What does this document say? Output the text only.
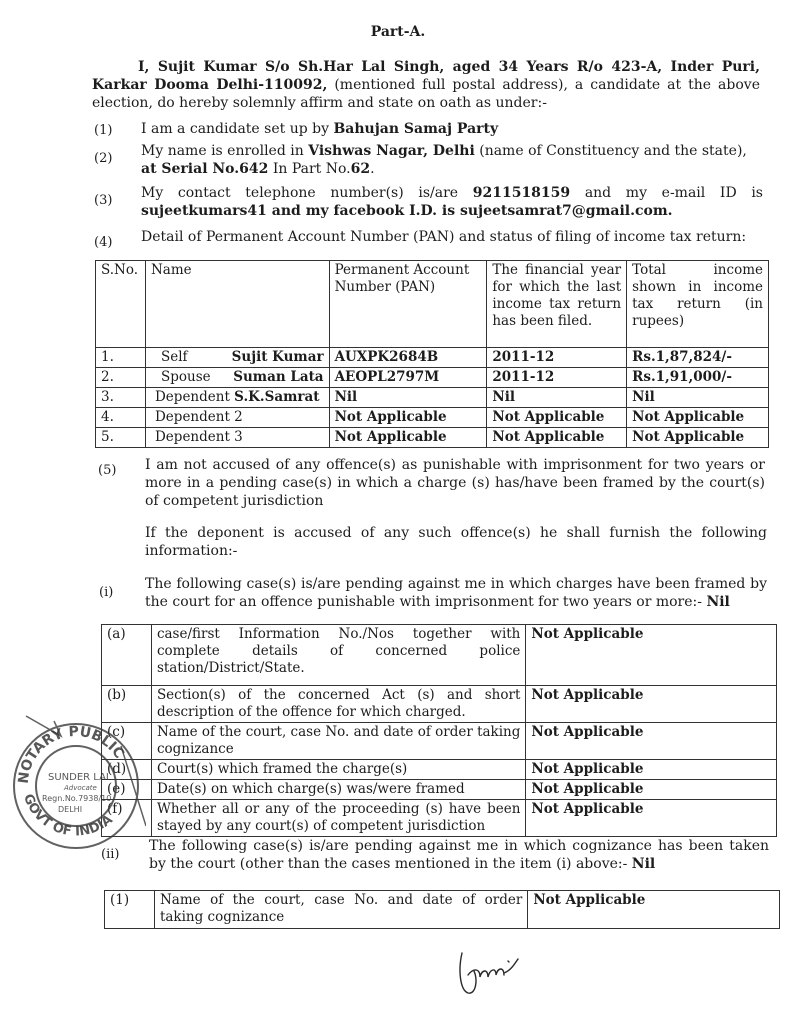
Part-A.
I, Sujit Kumar S/o Sh.Har Lal Singh, aged 34 Years R/o 423-A, Inder Puri, Karkar Dooma Delhi-110092, (mentioned full postal address), a candidate at the above election, do hereby solemnly affirm and state on oath as under:-
(1) I am a candidate set up by Bahujan Samaj Party
(2) My name is enrolled in Vishwas Nagar, Delhi (name of Constituency and the state), at Serial No.642 In Part No.62.
(3) My contact telephone number(s) is/are 9211518159 and my e-mail ID is sujeetkumars41 and my facebook I.D. is sujeetsamrat7@gmail.com.
(4) Detail of Permanent Account Number (PAN) and status of filing of income tax return:
S.No.	Name	Permanent Account Number (PAN)	The financial year for which the last income tax return has been filed.	Total income shown in income tax return (in rupees)
1.	Self Sujit Kumar	AUXPK2684B	2011-12	Rs.1,87,824/-
2.	Spouse Suman Lata	AEOPL2797M	2011-12	Rs.1,91,000/-
3.	Dependent S.K.Samrat	Nil	Nil	Nil
4.	Dependent 2	Not Applicable	Not Applicable	Not Applicable
5.	Dependent 3	Not Applicable	Not Applicable	Not Applicable
(5) I am not accused of any offence(s) as punishable with imprisonment for two years or more in a pending case(s) in which a charge (s) has/have been framed by the court(s) of competent jurisdiction
If the deponent is accused of any such offence(s) he shall furnish the following information:-
(i)
The following case(s) is/are pending against me in which charges have been framed by the court for an offence punishable with imprisonment for two years or more:- Nil
(a)	case/first Information No./Nos together with complete details of concerned police station/District/State.	Not Applicable
(b)	Section(s) of the concerned Act (s) and short description of the offence for which charged.	Not Applicable
(c)	Name of the court, case No. and date of order taking cognizance	Not Applicable
(d)	Court(s) which framed the charge(s)	Not Applicable
(e)	Date(s) on which charge(s) was/were framed	Not Applicable
(f)	Whether all or any of the proceeding (s) have been stayed by any court(s) of competent jurisdiction	Not Applicable
(ii)
The following case(s) is/are pending against me in which cognizance has been taken by the court (other than the cases mentioned in the item (i) above:- Nil
(1)	Name of the court, case No. and date of order taking cognizance	Not Applicable
NOTARY PUBLIC
GOVT OF INDIA
SUNDER LAL
Advocate
Regn.No.7938/10
DELHI
